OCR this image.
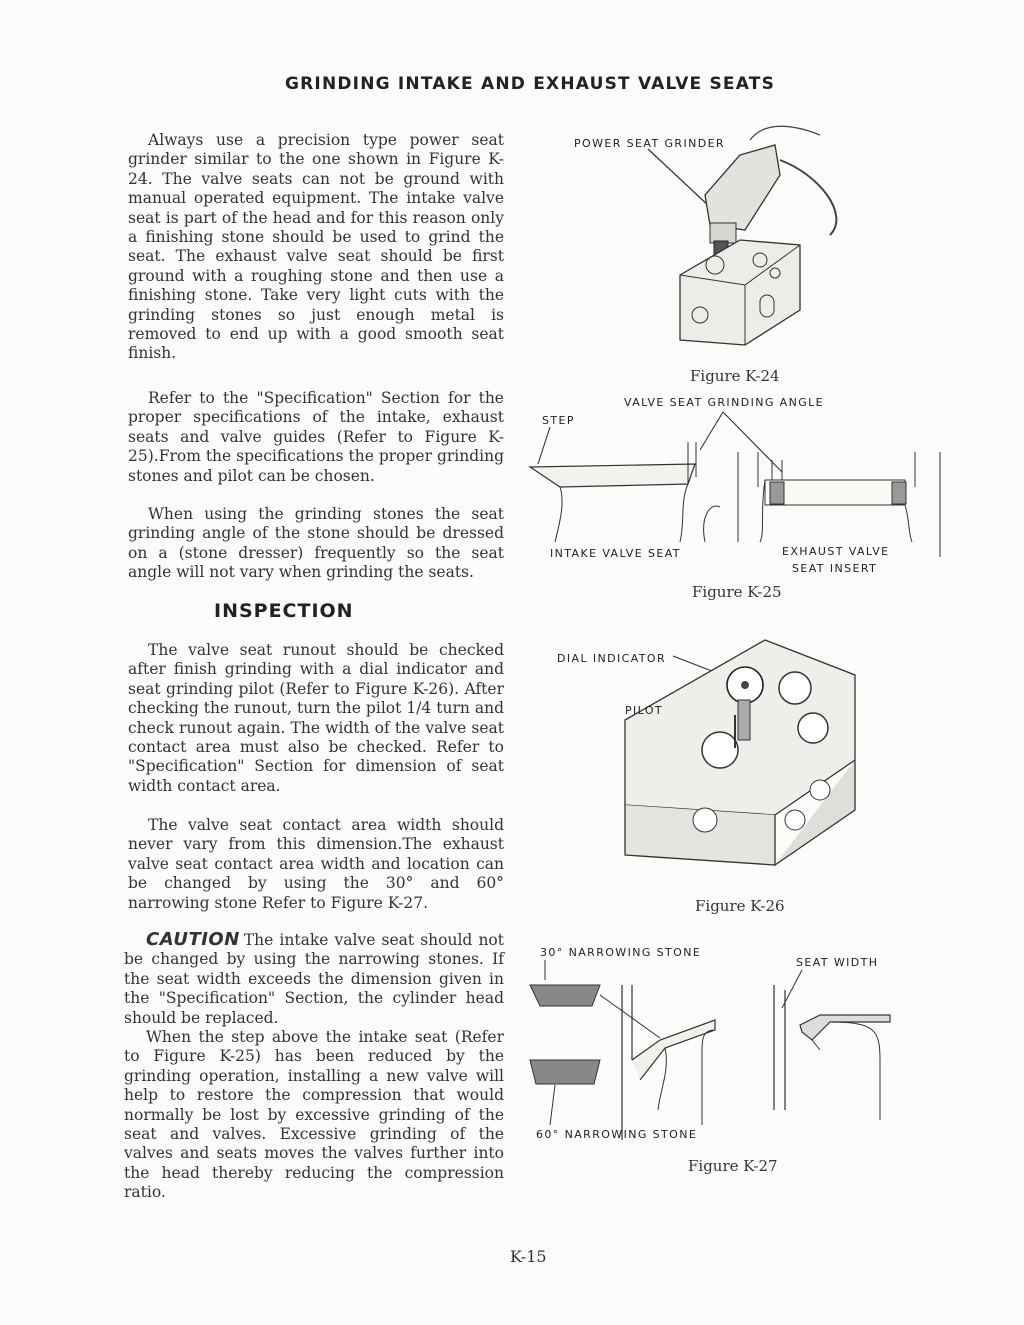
GRINDING INTAKE AND EXHAUST VALVE SEATS

Always use a precision type power seat grinder similar to the one shown in Figure K-24. The valve seats can not be ground with manual operated equipment. The intake valve seat is part of the head and for this reason only a finishing stone should be used to grind the seat. The exhaust valve seat should be first ground with a roughing stone and then use a finishing stone. Take very light cuts with the grinding stones so just enough metal is removed to end up with a good smooth seat finish.

Refer to the "Specification" Section for the proper specifications of the intake, exhaust seats and valve guides (Refer to Figure K-25).From the specifications the proper grinding stones and pilot can be chosen.

When using the grinding stones the seat grinding angle of the stone should be dressed on a (stone dresser) frequently so the seat angle will not vary when grinding the seats.

INSPECTION

The valve seat runout should be checked after finish grinding with a dial indicator and seat grinding pilot (Refer to Figure K-26). After checking the runout, turn the pilot 1/4 turn and check runout again. The width of the valve seat contact area must also be checked. Refer to "Specification" Section for dimension of seat width contact area.

The valve seat contact area width should never vary from this dimension.The exhaust valve seat contact area width and location can be changed by using the 30° and 60° narrowing stone Refer to Figure K-27.

CAUTION The intake valve seat should not be changed by using the narrowing stones. If the seat width exceeds the dimension given in the "Specification" Section, the cylinder head should be replaced.

When the step above the intake seat (Refer to Figure K-25) has been reduced by the grinding operation, installing a new valve will help to restore the compression that would normally be lost by excessive grinding of the seat and valves. Excessive grinding of the valves and seats moves the valves further into the head thereby reducing the compression ratio.

POWER SEAT GRINDER
Figure K-24
VALVE SEAT GRINDING ANGLE
STEP
INTAKE VALVE SEAT	EXHAUST VALVE
SEAT INSERT
Figure K-25
DIAL INDICATOR
PILOT
Figure K-26
30° NARROWING STONE
SEAT WIDTH
60° NARROWING STONE
Figure K-27
K-15
